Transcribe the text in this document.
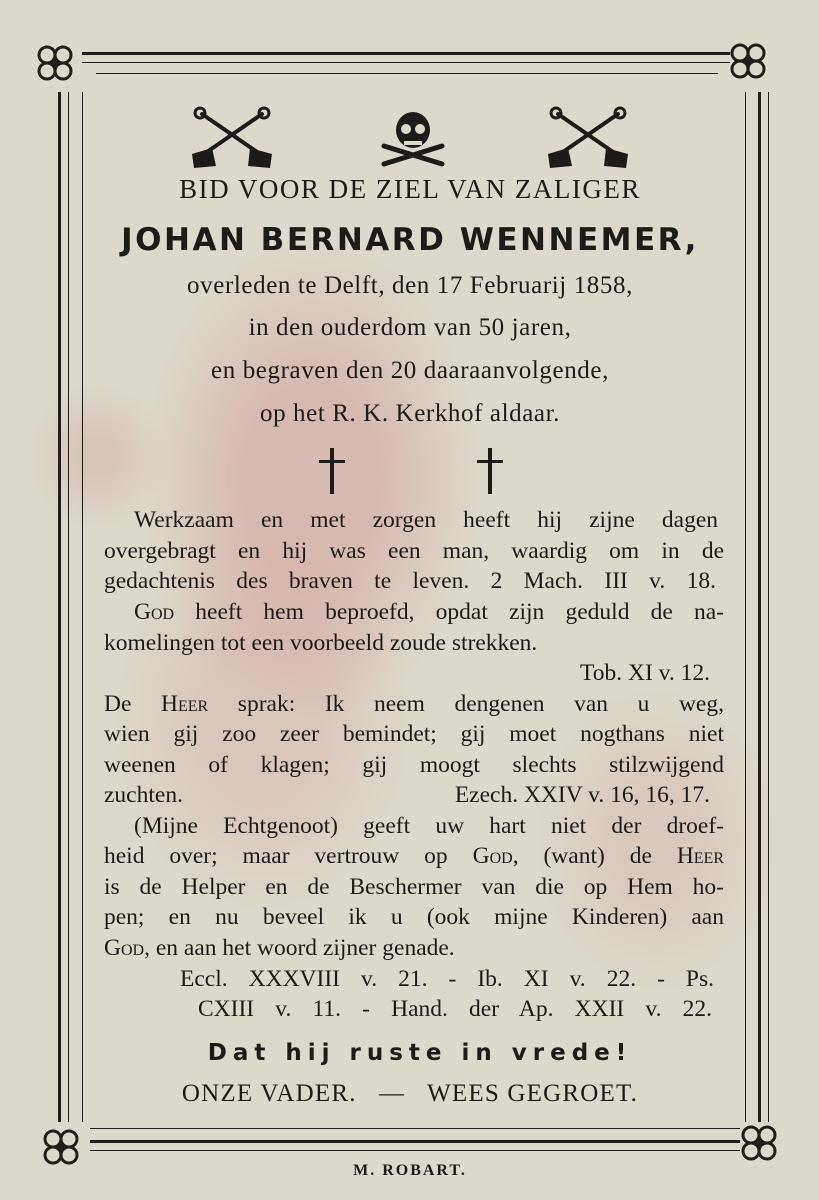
BID VOOR DE ZIEL VAN ZALIGER
JOHAN BERNARD WENNEMER,
overleden te Delft, den 17 Februarij 1858,
in den ouderdom van 50 jaren,
en begraven den 20 daaraanvolgende,
op het R. K. Kerkhof aldaar.
Werkzaam en met zorgen heeft hij zijne dagen
overgebragt en hij was een man, waardig om in de
gedachtenis des braven te leven. 2 Mach. III v. 18.
God heeft hem beproefd, opdat zijn geduld de na-
komelingen tot een voorbeeld zoude strekken.
Tob. XI v. 12.
De Heer sprak: Ik neem dengenen van u weg,
wien gij zoo zeer bemindet; gij moet nogthans niet
weenen of klagen; gij moogt slechts stilzwijgend
zuchten.	Ezech. XXIV v. 16, 16, 17.
(Mijne Echtgenoot) geeft uw hart niet der droef-
heid over; maar vertrouw op God, (want) de Heer
is de Helper en de Beschermer van die op Hem ho-
pen; en nu beveel ik u (ook mijne Kinderen) aan
God, en aan het woord zijner genade.
Eccl. XXXVIII v. 21. - Ib. XI v. 22. - Ps.
CXIII v. 11. - Hand. der Ap. XXII v. 22.
Dat hij ruste in vrede!
ONZE VADER.   —   WEES GEGROET.
M. ROBART.
